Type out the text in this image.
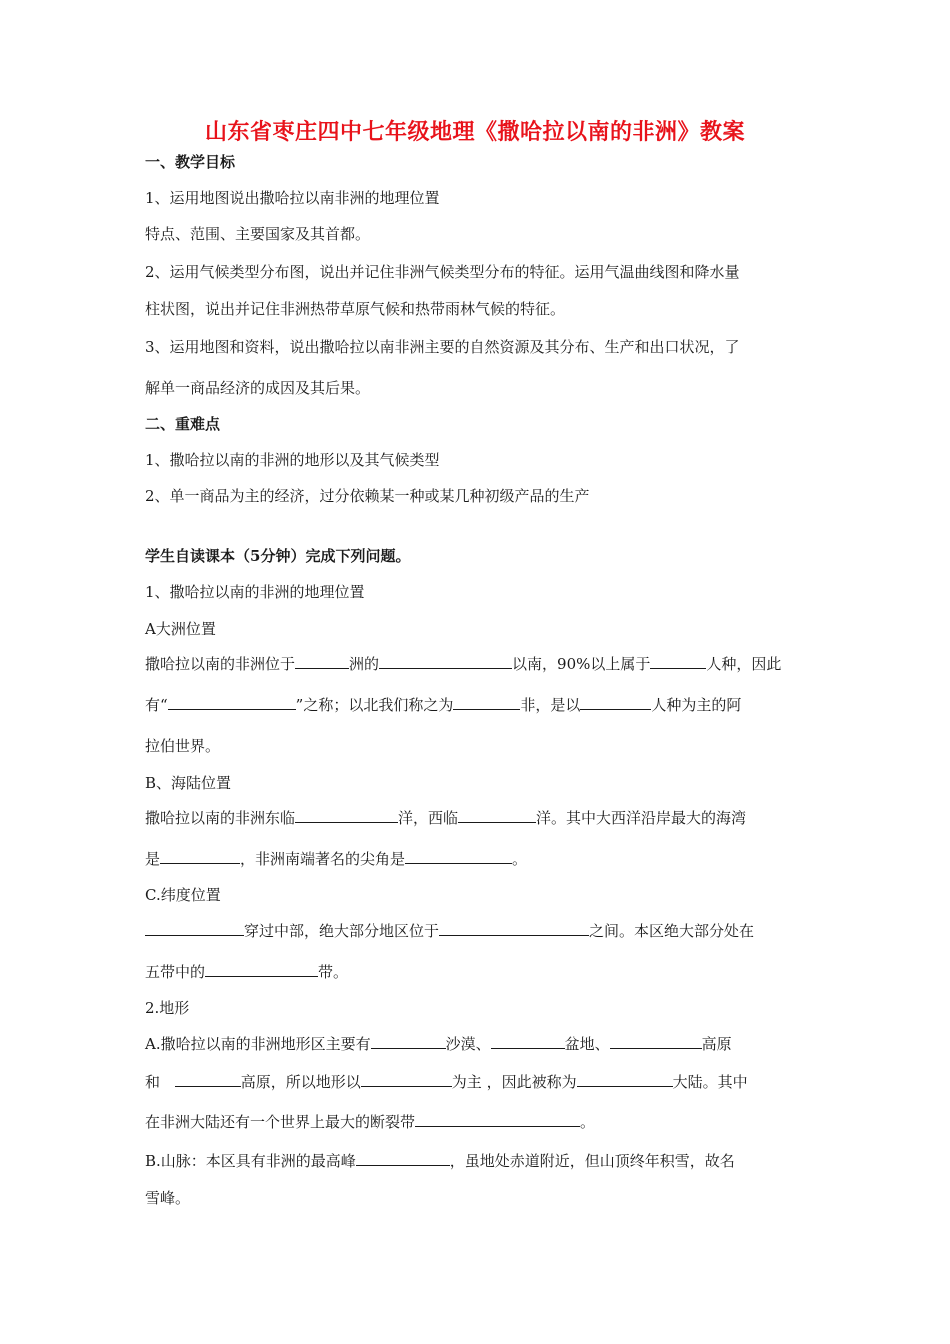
山东省枣庄四中七年级地理《撒哈拉以南的非洲》教案
一、教学目标
1、运用地图说出撒哈拉以南非洲的地理位置
特点、范围、主要国家及其首都。
2、运用气候类型分布图，说出并记住非洲气候类型分布的特征。运用气温曲线图和降水量
柱状图，说出并记住非洲热带草原气候和热带雨林气候的特征。
3、运用地图和资料，说出撒哈拉以南非洲主要的自然资源及其分布、生产和出口状况，了
解单一商品经济的成因及其后果。
二、重难点
1、撒哈拉以南的非洲的地形以及其气候类型
2、单一商品为主的经济，过分依赖某一种或某几种初级产品的生产
学生自读课本（5分钟）完成下列问题。
1、撒哈拉以南的非洲的地理位置
A大洲位置
撒哈拉以南的非洲位于	洲的	以南，90%以上属于	人种，因此
有“	”之称；以北我们称之为	非，是以	人种为主的阿
拉伯世界。
B、海陆位置
撒哈拉以南的非洲东临	洋，西临	洋。其中大西洋沿岸最大的海湾
是	，非洲南端著名的尖角是	。
C.纬度位置
穿过中部，绝大部分地区位于	之间。本区绝大部分处在
五带中的	带。
2.地形
A.撒哈拉以南的非洲地形区主要有	沙漠、	盆地、	高原
和	高原，所以地形以	为主 ，因此被称为	大陆。其中
在非洲大陆还有一个世界上最大的断裂带	。
B.山脉：本区具有非洲的最高峰	，虽地处赤道附近，但山顶终年积雪，故名
雪峰。
